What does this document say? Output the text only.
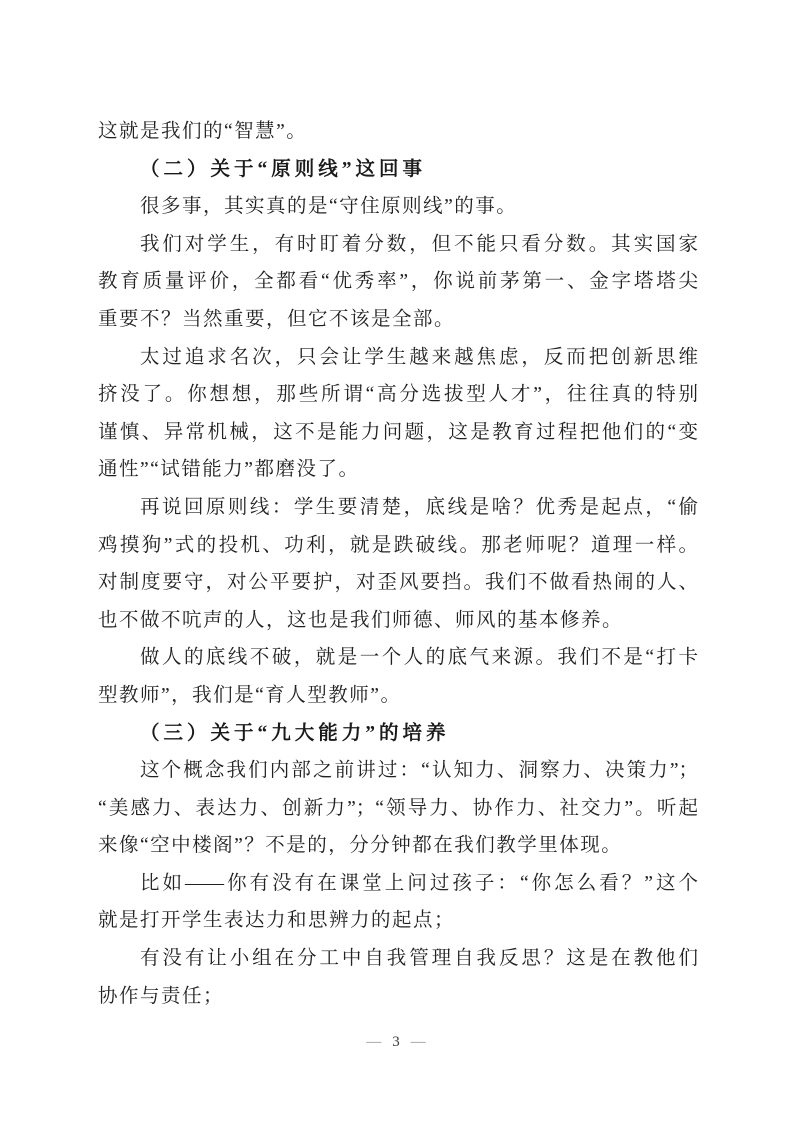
这就是我们的“智慧”。
（二）关于“原则线”这回事
很多事，其实真的是“守住原则线”的事。
我们对学生，有时盯着分数，但不能只看分数。其实国家
教育质量评价，全都看“优秀率”，你说前茅第一、金字塔塔尖
重要不？当然重要，但它不该是全部。
太过追求名次，只会让学生越来越焦虑，反而把创新思维
挤没了。你想想，那些所谓“高分选拔型人才”，往往真的特别
谨慎、异常机械，这不是能力问题，这是教育过程把他们的“变
通性”“试错能力”都磨没了。
再说回原则线：学生要清楚，底线是啥？优秀是起点，“偷
鸡摸狗”式的投机、功利，就是跌破线。那老师呢？道理一样。
对制度要守，对公平要护，对歪风要挡。我们不做看热闹的人、
也不做不吭声的人，这也是我们师德、师风的基本修养。
做人的底线不破，就是一个人的底气来源。我们不是“打卡
型教师”，我们是“育人型教师”。
（三）关于“九大能力”的培养
这个概念我们内部之前讲过：“认知力、洞察力、决策力”；
“美感力、表达力、创新力”；“领导力、协作力、社交力”。听起
来像“空中楼阁”？不是的，分分钟都在我们教学里体现。
比如——你有没有在课堂上问过孩子：“你怎么看？”这个
就是打开学生表达力和思辨力的起点；
有没有让小组在分工中自我管理自我反思？这是在教他们
协作与责任；
— 3 —
